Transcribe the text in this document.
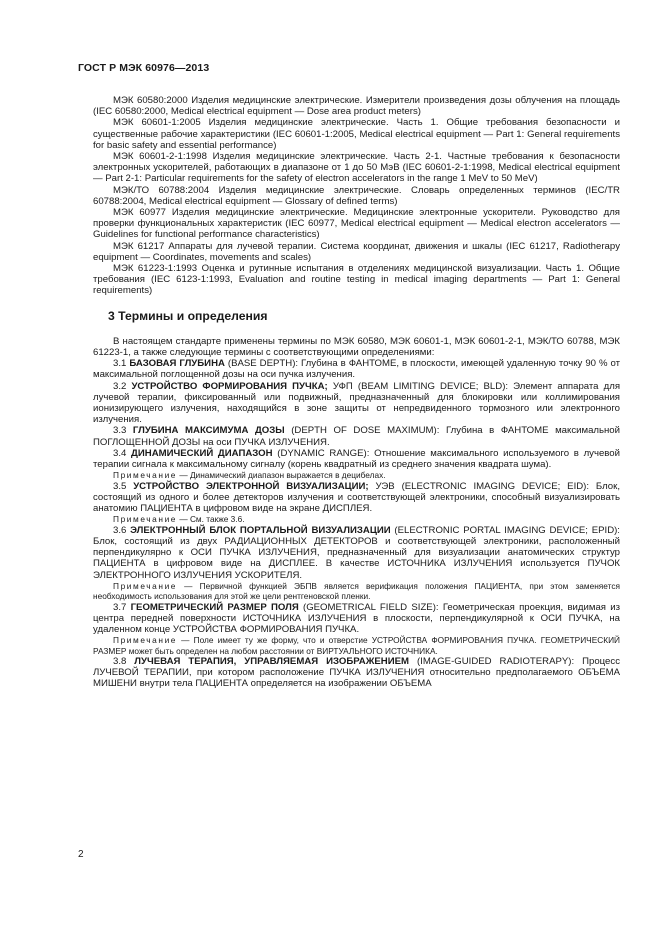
ГОСТ Р МЭК 60976—2013

МЭК 60580:2000 Изделия медицинские электрические. Измерители произведения дозы облучения на площадь (IEC 60580:2000, Medical electrical equipment — Dose area product meters)

МЭК 60601-1:2005 Изделия медицинские электрические. Часть 1. Общие требования безопасности и существенные рабочие характеристики (IEC 60601-1:2005, Medical electrical equipment — Part 1: General requirements for basic safety and essential performance)

МЭК 60601-2-1:1998 Изделия медицинские электрические. Часть 2-1. Частные требования к безопасности электронных ускорителей, работающих в диапазоне от 1 до 50 МэВ (IEC 60601-2-1:1998, Medical electrical equipment — Part 2-1: Particular requirements for the safety of electron accelerators in the range 1 MeV to 50 MeV)

МЭК/ТО 60788:2004 Изделия медицинские электрические. Словарь определенных терминов (IEC/TR 60788:2004, Medical electrical equipment — Glossary of defined terms)

МЭК 60977 Изделия медицинские электрические. Медицинские электронные ускорители. Руководство для проверки функциональных характеристик (IEC 60977, Medical electrical equipment — Medical electron accelerators — Guidelines for functional performance characteristics)

МЭК 61217 Аппараты для лучевой терапии. Система координат, движения и шкалы (IEC 61217, Radiotherapy equipment — Coordinates, movements and scales)

МЭК 61223-1:1993 Оценка и рутинные испытания в отделениях медицинской визуализации. Часть 1. Общие требования (IEC 6123-1:1993, Evaluation and routine testing in medical imaging departments — Part 1: General requirements)

3 Термины и определения

В настоящем стандарте применены термины по МЭК 60580, МЭК 60601-1, МЭК 60601-2-1, МЭК/ТО 60788, МЭК 61223-1, а также следующие термины с соответствующими определениями:

3.1 БАЗОВАЯ ГЛУБИНА (BASE DEPTH): Глубина в ФАНТОМЕ, в плоскости, имеющей удаленную точку 90 % от максимальной поглощенной дозы на оси пучка излучения.

3.2 УСТРОЙСТВО ФОРМИРОВАНИЯ ПУЧКА; УФП (BEAM LIMITING DEVICE; BLD): Элемент аппарата для лучевой терапии, фиксированный или подвижный, предназначенный для блокировки или коллимирования ионизирующего излучения, находящийся в зоне защиты от непредвиденного тормозного или электронного излучения.

3.3 ГЛУБИНА МАКСИМУМА ДОЗЫ (DEPTH OF DOSE MAXIMUM): Глубина в ФАНТОМЕ максимальной ПОГЛОЩЕННОЙ ДОЗЫ на оси ПУЧКА ИЗЛУЧЕНИЯ.

3.4 ДИНАМИЧЕСКИЙ ДИАПАЗОН (DYNAMIC RANGE): Отношение максимального используемого в лучевой терапии сигнала к максимальному сигналу (корень квадратный из среднего значения квадрата шума).

Примечание — Динамический диапазон выражается в децибелах.

3.5 УСТРОЙСТВО ЭЛЕКТРОННОЙ ВИЗУАЛИЗАЦИИ; УЭВ (ELECTRONIC IMAGING DEVICE; EID): Блок, состоящий из одного и более детекторов излучения и соответствующей электроники, способный визуализировать анатомию ПАЦИЕНТА в цифровом виде на экране ДИСПЛЕЯ.

Примечание — См. также 3.6.

3.6 ЭЛЕКТРОННЫЙ БЛОК ПОРТАЛЬНОЙ ВИЗУАЛИЗАЦИИ (ELECTRONIC PORTAL IMAGING DEVICE; EPID): Блок, состоящий из двух РАДИАЦИОННЫХ ДЕТЕКТОРОВ и соответствующей электроники, расположенный перпендикулярно к ОСИ ПУЧКА ИЗЛУЧЕНИЯ, предназначенный для визуализации анатомических структур ПАЦИЕНТА в цифровом виде на ДИСПЛЕЕ. В качестве ИСТОЧНИКА ИЗЛУЧЕНИЯ используется ПУЧОК ЭЛЕКТРОННОГО ИЗЛУЧЕНИЯ УСКОРИТЕЛЯ.

Примечание — Первичной функцией ЭБПВ является верификация положения ПАЦИЕНТА, при этом заменяется необходимость использования для этой же цели рентгеновской пленки.

3.7 ГЕОМЕТРИЧЕСКИЙ РАЗМЕР ПОЛЯ (GEOMETRICAL FIELD SIZE): Геометрическая проекция, видимая из центра передней поверхности ИСТОЧНИКА ИЗЛУЧЕНИЯ в плоскости, перпендикулярной к ОСИ ПУЧКА, на удаленном конце УСТРОЙСТВА ФОРМИРОВАНИЯ ПУЧКА.

Примечание — Поле имеет ту же форму, что и отверстие УСТРОЙСТВА ФОРМИРОВАНИЯ ПУЧКА. ГЕОМЕТРИЧЕСКИЙ РАЗМЕР может быть определен на любом расстоянии от ВИРТУАЛЬНОГО ИСТОЧНИКА.

3.8 ЛУЧЕВАЯ ТЕРАПИЯ, УПРАВЛЯЕМАЯ ИЗОБРАЖЕНИЕМ (IMAGE-GUIDED RADIOTERAPY): Процесс ЛУЧЕВОЙ ТЕРАПИИ, при котором расположение ПУЧКА ИЗЛУЧЕНИЯ относительно предполагаемого ОБЪЕМА МИШЕНИ внутри тела ПАЦИЕНТА определяется на изображении ОБЪЕМА

2
